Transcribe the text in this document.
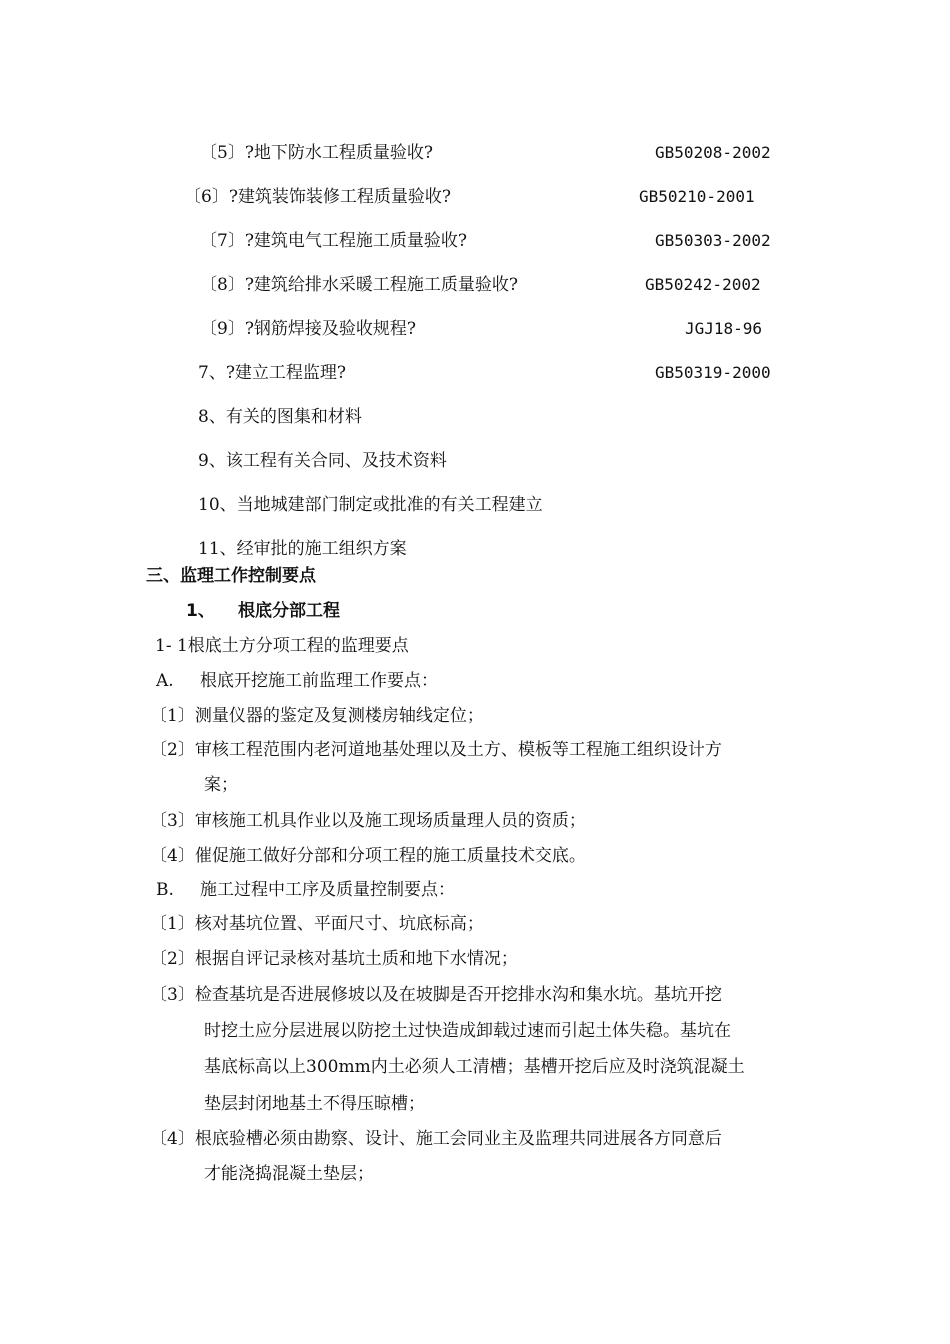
〔5〕?地下防水工程质量验收?	GB50208-2002
〔6〕?建筑装饰装修工程质量验收?	GB50210-2001
〔7〕?建筑电气工程施工质量验收?	GB50303-2002
〔8〕?建筑给排水采暖工程施工质量验收?	GB50242-2002
〔9〕?钢筋焊接及验收规程?	JGJ18-96
7、?建立工程监理?	GB50319-2000
8、有关的图集和材料
9、该工程有关合同、及技术资料
10、当地城建部门制定或批准的有关工程建立
11、经审批的施工组织方案
三、监理工作控制要点
1、 根底分部工程
1- 1根底土方分项工程的监理要点
A. 根底开挖施工前监理工作要点：
〔1〕测量仪器的鉴定及复测楼房轴线定位；
〔2〕审核工程范围内老河道地基处理以及土方、模板等工程施工组织设计方
案；
〔3〕审核施工机具作业以及施工现场质量理人员的资质；
〔4〕催促施工做好分部和分项工程的施工质量技术交底。
B. 施工过程中工序及质量控制要点：
〔1〕核对基坑位置、平面尺寸、坑底标高；
〔2〕根据自评记录核对基坑土质和地下水情况；
〔3〕检查基坑是否进展修坡以及在坡脚是否开挖排水沟和集水坑。基坑开挖
时挖土应分层进展以防挖土过快造成卸载过速而引起土体失稳。基坑在
基底标高以上300mm内土必须人工清槽；基槽开挖后应及时浇筑混凝土
垫层封闭地基土不得压晾槽；
〔4〕根底验槽必须由勘察、设计、施工会同业主及监理共同进展各方同意后
才能浇捣混凝土垫层；
